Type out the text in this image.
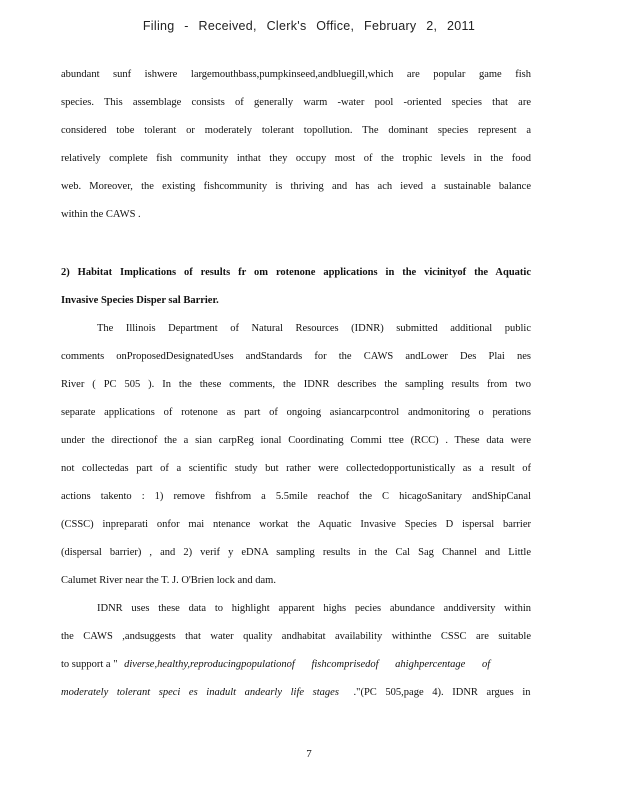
Filing - Received, Clerk's Office, February 2, 2011
abundant sunf ishwere largemouthbass,pumpkinseed,andbluegill,which are popular game fish
species. This assemblage consists of generally warm -water pool -oriented species that are
considered tobe tolerant or moderately tolerant topollution. The dominant species represent a
relatively complete fish community inthat they occupy most of the trophic levels in the food
web. Moreover, the existing fishcommunity is thriving and has ach ieved a sustainable balance
within the CAWS .
2) Habitat Implications of results fr om rotenone applications in the vicinityof the Aquatic
Invasive Species Disper sal Barrier.
The Illinois Department of Natural Resources (IDNR) submitted additional public
comments onProposedDesignatedUses andStandards for the CAWS andLower Des Plai nes
River ( PC 505 ). In the these comments, the IDNR describes the sampling results from two
separate applications of rotenone as part of ongoing asiancarpcontrol andmonitoring o perations
under the directionof the a sian carpReg ional Coordinating Commi ttee (RCC) . These data were
not collectedas part of a scientific study but rather were collectedopportunistically as a result of
actions takento : 1) remove fishfrom a 5.5mile reachof the C hicagoSanitary andShipCanal
(CSSC) inpreparati onfor mai ntenance workat the Aquatic Invasive Species D ispersal barrier
(dispersal barrier) , and 2) verif y eDNA sampling results in the Cal Sag Channel and Little
Calumet River near the T. J. O'Brien lock and dam.
IDNR uses these data to highlight apparent highs pecies abundance anddiversity within
the CAWS ,andsuggests that water quality andhabitat availability withinthe CSSC are suitable
to support a " diverse,healthy,reproducingpopulationof fishcomprisedof ahighpercentage of
moderately tolerant speci es inadult andearly life stages ."(PC 505,page 4). IDNR argues in
7
